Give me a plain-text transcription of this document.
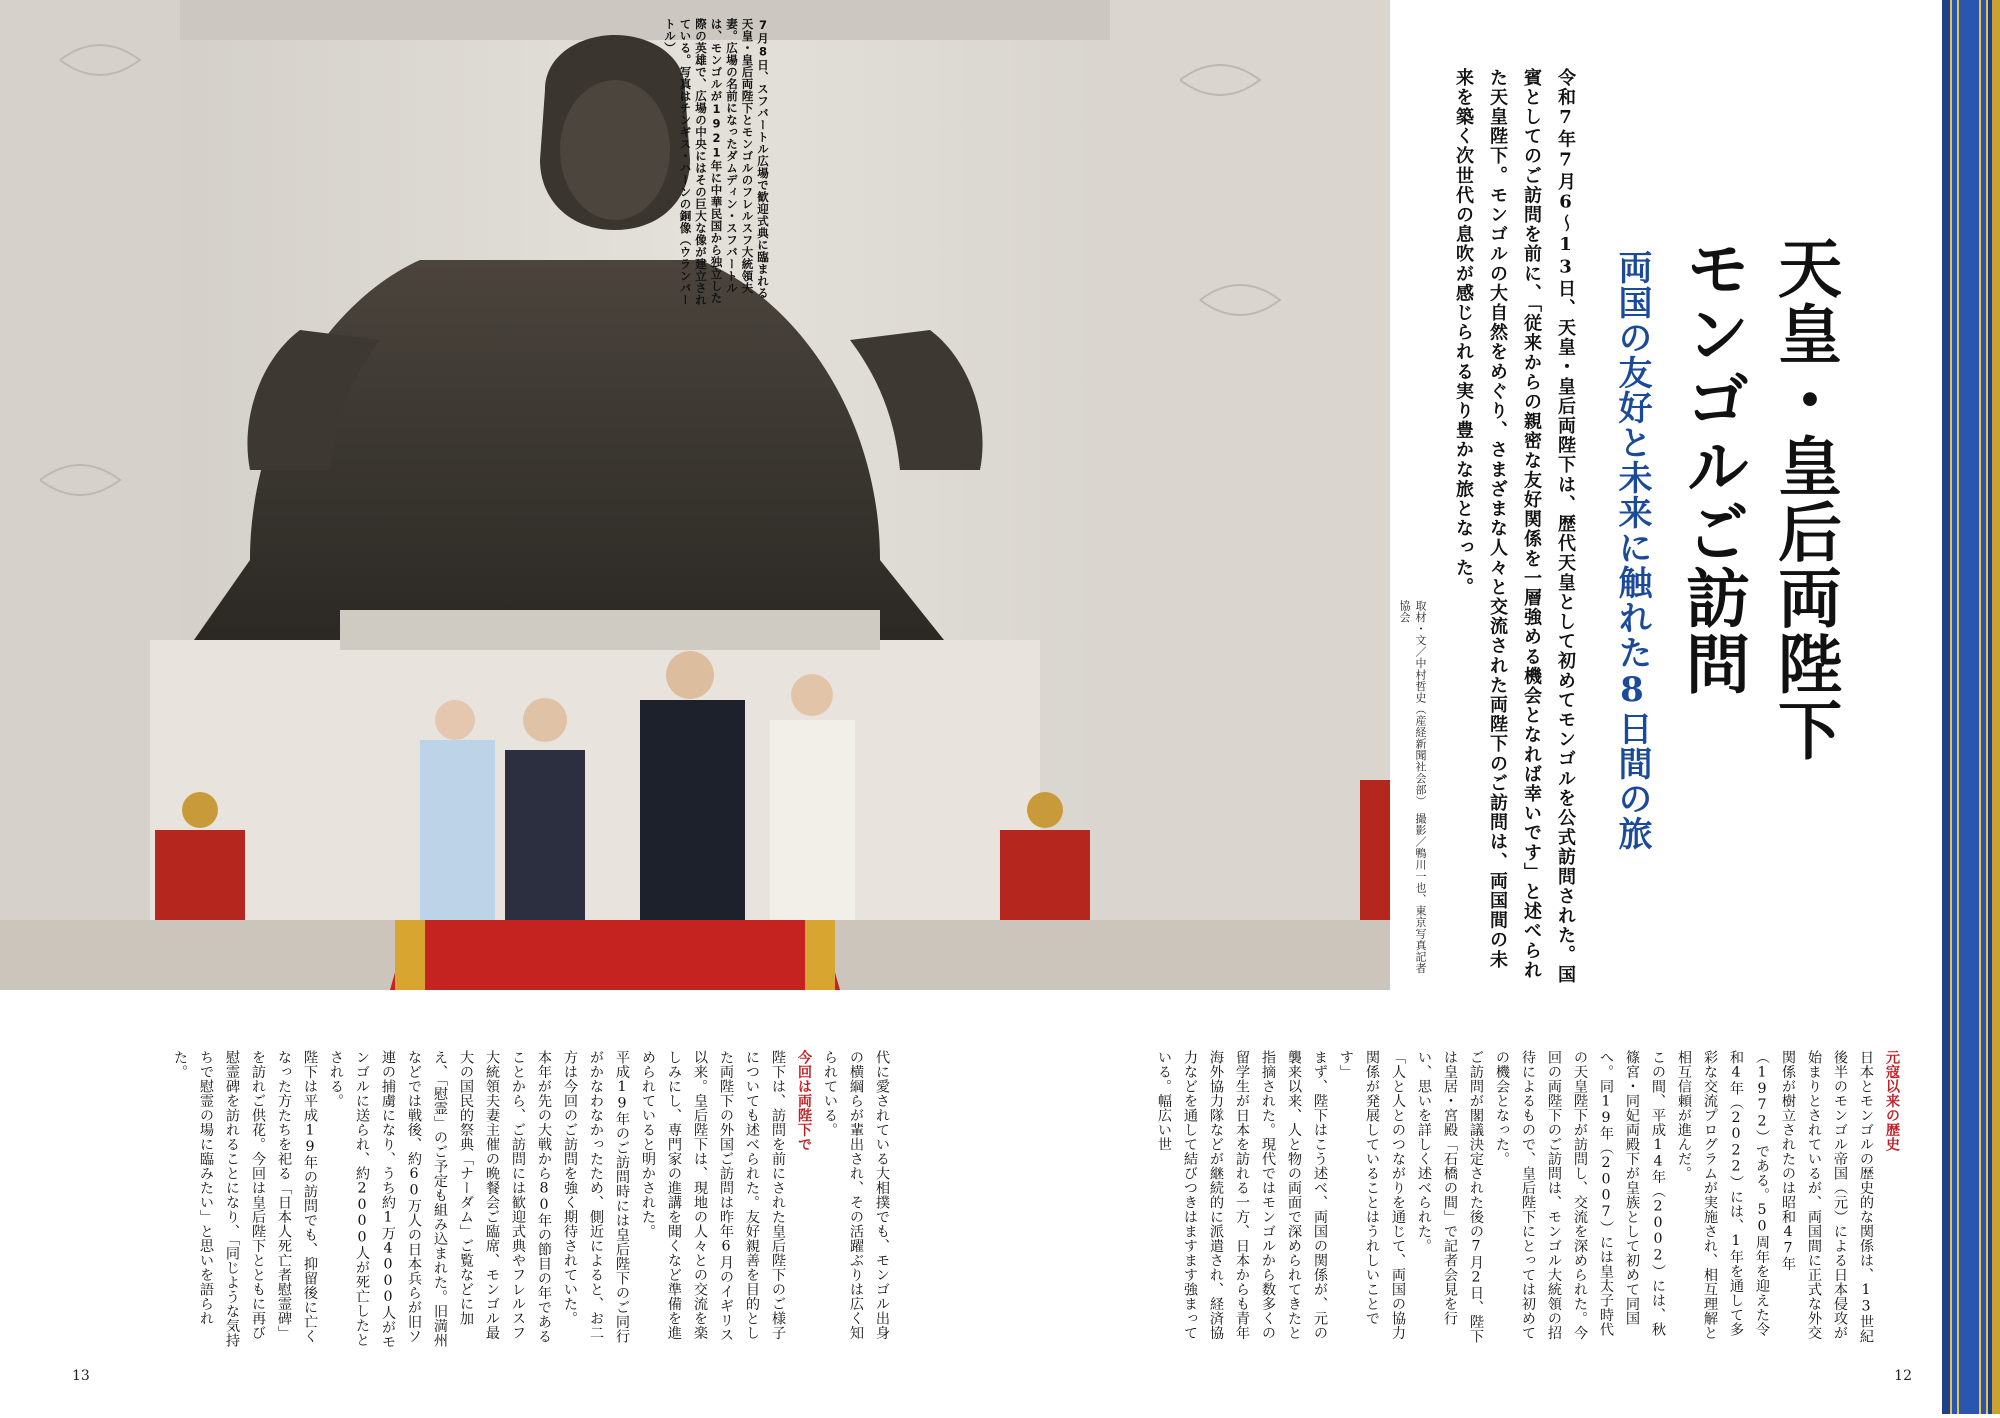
7月8日、スフバートル広場で歓迎式典に臨まれる天皇・皇后両陛下とモンゴルのフレルスフ大統領夫妻。広場の名前になったダムディン・スフバートルは、モンゴルが1921年に中華民国から独立した際の英雄で、広場の中央にはその巨大な像が建立されている。写真はチンギス・ハーンの銅像（ウランバートル）
天皇・皇后両陛下
モンゴルご訪問
両国の友好と未来に触れた8日間の旅
令和7年7月6〜13日、天皇・皇后両陛下は、歴代天皇として初めてモンゴルを公式訪問された。国賓としてのご訪問を前に、「従来からの親密な友好関係を一層強める機会となれば幸いです」と述べられた天皇陛下。モンゴルの大自然をめぐり、さまざまな人々と交流された両陛下のご訪問は、両国間の未来を築く次世代の息吹が感じられる実り豊かな旅となった。
取材・文／中村哲史（産経新聞社会部）　撮影／鴨川一也、東京写真記者協会
元寇以来の歴史
日本とモンゴルの歴史的な関係は、13世紀後半のモンゴル帝国（元）による日本侵攻が始まりとされているが、両国間に正式な外交関係が樹立されたのは昭和47年（1972）である。50周年を迎えた令和4年（2022）には、1年を通して多彩な交流プログラムが実施され、相互理解と相互信頼が進んだ。
この間、平成14年（2002）には、秋篠宮・同妃両殿下が皇族として初めて同国へ。同19年（2007）には皇太子時代の天皇陛下が訪問し、交流を深められた。今回の両陛下のご訪問は、モンゴル大統領の招待によるもので、皇后陛下にとっては初めての機会となった。
ご訪問が閣議決定された後の7月2日、陛下は皇居・宮殿「石橋の間」で記者会見を行い、思いを詳しく述べられた。
「人と人とのつながりを通じて、両国の協力関係が発展していることはうれしいことです」
まず、陛下はこう述べ、両国の関係が、元の襲来以来、人と物の両面で深められてきたと指摘された。現代ではモンゴルから数多くの留学生が日本を訪れる一方、日本からも青年海外協力隊などが継続的に派遣され、経済協力などを通して結びつきはますます強まっている。幅広い世
代に愛されている大相撲でも、モンゴル出身の横綱らが輩出され、その活躍ぶりは広く知られている。
今回は両陛下で
陛下は、訪問を前にされた皇后陛下のご様子についても述べられた。友好親善を目的とした両陛下の外国ご訪問は昨年6月のイギリス以来。皇后陛下は、現地の人々との交流を楽しみにし、専門家の進講を聞くなど準備を進められていると明かされた。
平成19年のご訪問時には皇后陛下のご同行がかなわなかったため、側近によると、お二方は今回のご訪問を強く期待されていた。
本年が先の大戦から80年の節目の年であることから、ご訪問には歓迎式典やフレルスフ大統領夫妻主催の晩餐会ご臨席、モンゴル最大の国民的祭典「ナーダム」ご覧などに加え、「慰霊」のご予定も組み込まれた。旧満州などでは戦後、約60万人の日本兵らが旧ソ連の捕虜になり、うち約1万4000人がモンゴルに送られ、約2000人が死亡したとされる。
陛下は平成19年の訪問でも、抑留後に亡くなった方たちを祀る「日本人死亡者慰霊碑」を訪れご供花。今回は皇后陛下とともに再び慰霊碑を訪れることになり、「同じような気持ちで慰霊の場に臨みたい」と思いを語られた。
13	12
